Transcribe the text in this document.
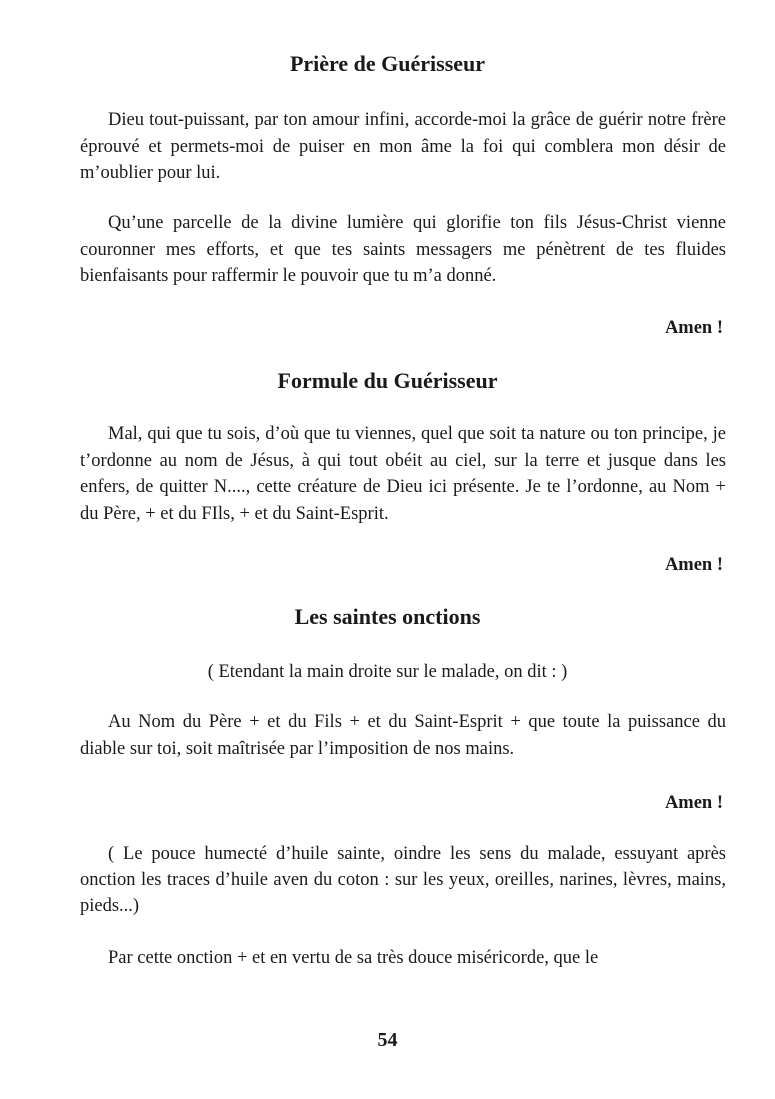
Prière de Guérisseur

Dieu tout-puissant, par ton amour infini, accorde-moi la grâce de guérir notre frère éprouvé et permets-moi de puiser en mon âme la foi qui comblera mon désir de m’oublier pour lui.

Qu’une parcelle de la divine lumière qui glorifie ton fils Jésus-Christ vienne couronner mes efforts, et que tes saints messagers me pénètrent de tes fluides bienfaisants pour raffermir le pouvoir que tu m’a donné.

Amen !

Formule du Guérisseur

Mal, qui que tu sois, d’où que tu viennes, quel que soit ta nature ou ton principe, je t’ordonne au nom de Jésus, à qui tout obéit au ciel, sur la terre et jusque dans les enfers, de quitter N...., cette créature de Dieu ici présente. Je te l’ordonne, au Nom + du Père, + et du FIls, + et du Saint-Esprit.

Amen !

Les saintes onctions

( Etendant la main droite sur le malade, on dit : )

Au Nom du Père + et du Fils + et du Saint-Esprit + que toute la puissance du diable sur toi, soit maîtrisée par l’imposition de nos mains.

Amen !

( Le pouce humecté d’huile sainte, oindre les sens du malade, essuyant après onction les traces d’huile aven du coton : sur les yeux, oreilles, narines, lèvres, mains, pieds...)

Par cette onction + et en vertu de sa très douce miséricorde, que le

54
